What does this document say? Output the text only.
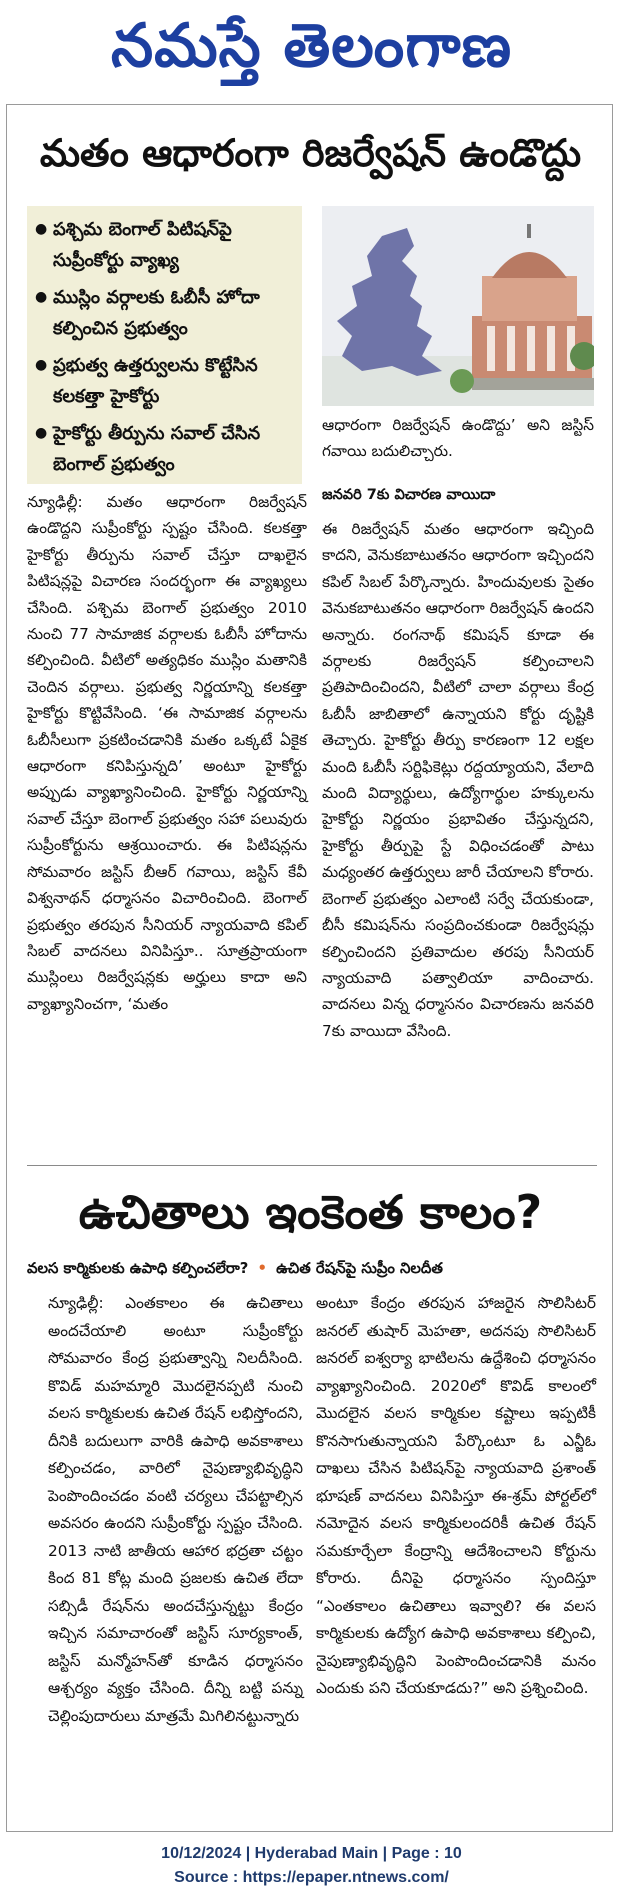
నమస్తే తెలంగాణ
మతం ఆధారంగా రిజర్వేషన్ ఉండొద్దు
● పశ్చిమ బెంగాల్ పిటిషన్‌పై సుప్రీంకోర్టు వ్యాఖ్య
● ముస్లిం వర్గాలకు ఓబీసీ హోదా కల్పించిన ప్రభుత్వం
● ప్రభుత్వ ఉత్తర్వులను కొట్టేసిన కలకత్తా హైకోర్టు
● హైకోర్టు తీర్పును సవాల్ చేసిన బెంగాల్ ప్రభుత్వం

న్యూఢిల్లీ: మతం ఆధారంగా రిజర్వేషన్ ఉండొద్దని సుప్రీంకోర్టు స్పష్టం చేసింది. కలకత్తా హైకోర్టు తీర్పును సవాల్ చేస్తూ దాఖలైన పిటిషన్లపై విచారణ సందర్భంగా ఈ వ్యాఖ్యలు చేసింది. పశ్చిమ బెంగాల్ ప్రభుత్వం 2010 నుంచి 77 సామాజిక వర్గాలకు ఓబీసీ హోదాను కల్పించింది. వీటిలో అత్యధికం ముస్లిం మతానికి చెందిన వర్గాలు. ప్రభుత్వ నిర్ణయాన్ని కలకత్తా హైకోర్టు కొట్టివేసింది. ‘ఈ సామాజిక వర్గాలను ఓబీసీలుగా ప్రకటించడానికి మతం ఒక్కటే ఏకైక ఆధారంగా కనిపిస్తున్నది’ అంటూ హైకోర్టు అప్పుడు వ్యాఖ్యానించింది. హైకోర్టు నిర్ణయాన్ని సవాల్ చేస్తూ బెంగాల్ ప్రభుత్వం సహా పలువురు సుప్రీంకోర్టును ఆశ్రయించారు. ఈ పిటిషన్లను సోమవారం జస్టిస్ బీఆర్ గవాయి, జస్టిస్ కేవీ విశ్వనాథన్ ధర్మాసనం విచారించింది. బెంగాల్ ప్రభుత్వం తరపున సీనియర్ న్యాయవాది కపిల్ సిబల్ వాదనలు వినిపిస్తూ.. సూత్రప్రాయంగా ముస్లింలు రిజర్వేషన్లకు అర్హులు కాదా అని వ్యాఖ్యానించగా, ‘మతం

ఆధారంగా రిజర్వేషన్ ఉండొద్దు’ అని జస్టిస్ గవాయి బదులిచ్చారు.

జనవరి 7కు విచారణ వాయిదా

ఈ రిజర్వేషన్ మతం ఆధారంగా ఇచ్చింది కాదని, వెనుకబాటుతనం ఆధారంగా ఇచ్చిందని కపిల్ సిబల్ పేర్కొన్నారు. హిందువులకు సైతం వెనుకబాటుతనం ఆధారంగా రిజర్వేషన్ ఉందని అన్నారు. రంగనాథ్ కమిషన్ కూడా ఈ వర్గాలకు రిజర్వేషన్ కల్పించాలని ప్రతిపాదించిందని, వీటిలో చాలా వర్గాలు కేంద్ర ఓబీసీ జాబితాలో ఉన్నాయని కోర్టు దృష్టికి తెచ్చారు. హైకోర్టు తీర్పు కారణంగా 12 లక్షల మంది ఓబీసీ సర్టిఫికెట్లు రద్దయ్యాయని, వేలాది మంది విద్యార్థులు, ఉద్యోగార్థుల హక్కులను హైకోర్టు నిర్ణయం ప్రభావితం చేస్తున్నదని, హైకోర్టు తీర్పుపై స్టే విధించడంతో పాటు మధ్యంతర ఉత్తర్వులు జారీ చేయాలని కోరారు. బెంగాల్ ప్రభుత్వం ఎలాంటి సర్వే చేయకుండా, బీసీ కమిషన్‌ను సంప్రదించకుండా రిజర్వేషన్లు కల్పించిందని ప్రతివాదుల తరపు సీనియర్ న్యాయవాది పత్వాలియా వాదించారు. వాదనలు విన్న ధర్మాసనం విచారణను జనవరి 7కు వాయిదా వేసింది.

ఉచితాలు ఇంకెంత కాలం?
వలస కార్మికులకు ఉపాధి కల్పించలేరా? • ఉచిత రేషన్‌పై సుప్రీం నిలదీత

న్యూఢిల్లీ: ఎంతకాలం ఈ ఉచితాలు అందచేయాలి అంటూ సుప్రీంకోర్టు సోమవారం కేంద్ర ప్రభుత్వాన్ని నిలదీసింది. కొవిడ్ మహమ్మారి మొదలైనప్పటి నుంచి వలస కార్మికులకు ఉచిత రేషన్ లభిస్తోందని, దీనికి బదులుగా వారికి ఉపాధి అవకాశాలు కల్పించడం, వారిలో నైపుణ్యాభివృద్ధిని పెంపొందించడం వంటి చర్యలు చేపట్టాల్సిన అవసరం ఉందని సుప్రీంకోర్టు స్పష్టం చేసింది. 2013 నాటి జాతీయ ఆహార భద్రతా చట్టం కింద 81 కోట్ల మంది ప్రజలకు ఉచిత లేదా సబ్సిడీ రేషన్‌ను అందచేస్తున్నట్టు కేంద్రం ఇచ్చిన సమాచారంతో జస్టిస్ సూర్యకాంత్, జస్టిస్ మన్మోహన్‌తో కూడిన ధర్మాసనం ఆశ్చర్యం వ్యక్తం చేసింది. దీన్ని బట్టి పన్ను చెల్లింపుదారులు మాత్రమే మిగిలినట్టున్నారు

అంటూ కేంద్రం తరపున హాజరైన సొలిసిటర్ జనరల్ తుషార్ మెహతా, అదనపు సొలిసిటర్ జనరల్ ఐశ్వర్యా భాటిలను ఉద్దేశించి ధర్మాసనం వ్యాఖ్యానించింది. 2020లో కొవిడ్ కాలంలో మొదలైన వలస కార్మికుల కష్టాలు ఇప్పటికీ కొనసాగుతున్నాయని పేర్కొంటూ ఓ ఎన్జీఓ దాఖలు చేసిన పిటిషన్‌పై న్యాయవాది ప్రశాంత్ భూషణ్ వాదనలు వినిపిస్తూ ఈ-శ్రమ్ పోర్టల్‌లో నమోదైన వలస కార్మికులందరికీ ఉచిత రేషన్ సమకూర్చేలా కేంద్రాన్ని ఆదేశించాలని కోర్టును కోరారు. దీనిపై ధర్మాసనం స్పందిస్తూ “ఎంతకాలం ఉచితాలు ఇవ్వాలి? ఈ వలస కార్మికులకు ఉద్యోగ ఉపాధి అవకాశాలు కల్పించి, నైపుణ్యాభివృద్ధిని పెంపొందించడానికి మనం ఎందుకు పని చేయకూడదు?” అని ప్రశ్నించింది.

10/12/2024 | Hyderabad Main | Page : 10
Source : https://epaper.ntnews.com/
